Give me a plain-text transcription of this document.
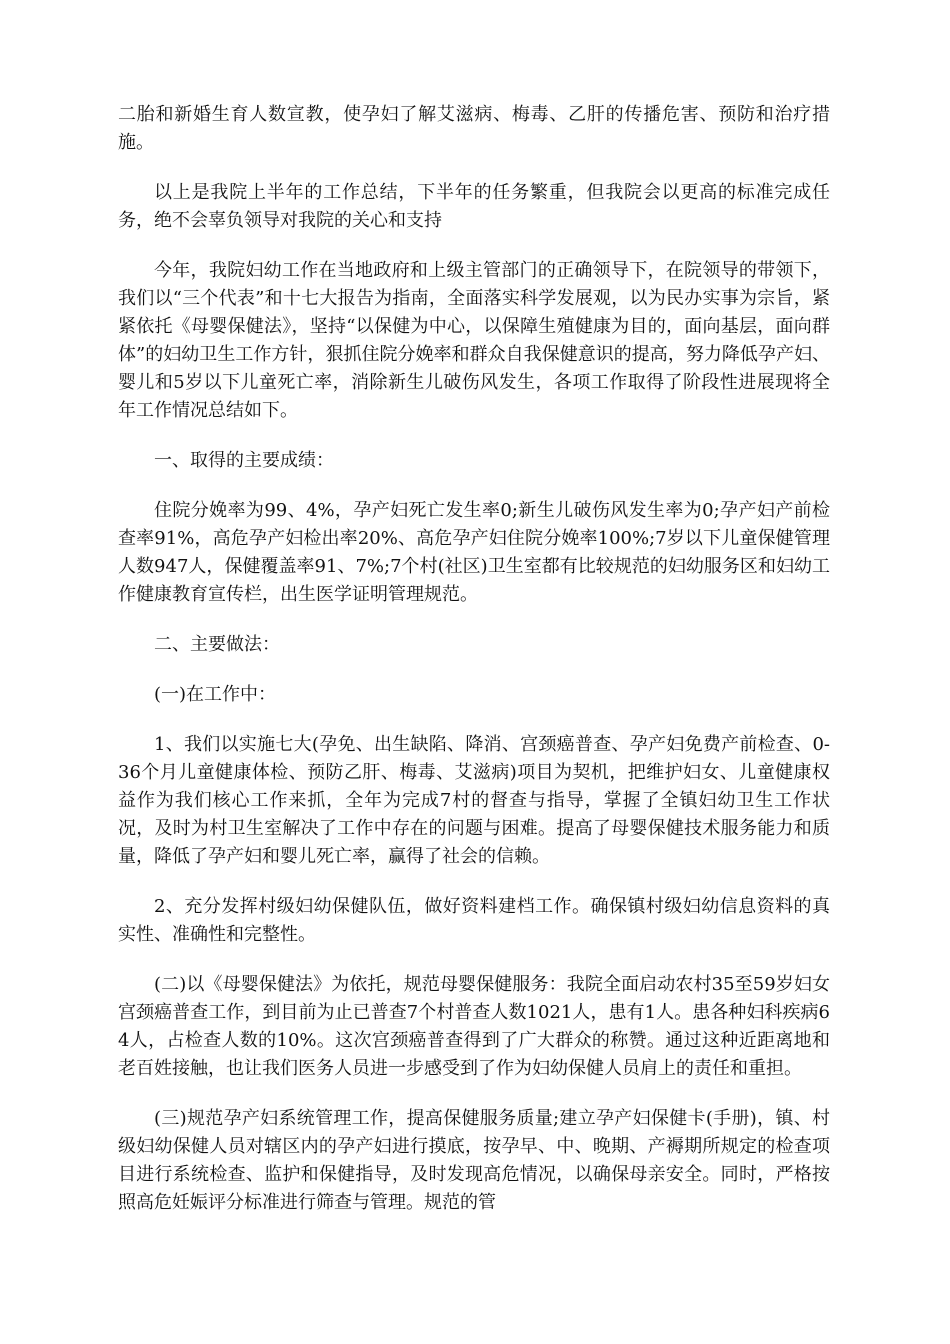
二胎和新婚生育人数宣教，使孕妇了解艾滋病、梅毒、乙肝的传播危害、预防和治疗措施。

以上是我院上半年的工作总结，下半年的任务繁重，但我院会以更高的标准完成任务，绝不会辜负领导对我院的关心和支持

今年，我院妇幼工作在当地政府和上级主管部门的正确领导下，在院领导的带领下，我们以“三个代表”和十七大报告为指南，全面落实科学发展观，以为民办实事为宗旨，紧紧依托《母婴保健法》，坚持“以保健为中心，以保障生殖健康为目的，面向基层，面向群体”的妇幼卫生工作方针，狠抓住院分娩率和群众自我保健意识的提高，努力降低孕产妇、婴儿和5岁以下儿童死亡率，消除新生儿破伤风发生，各项工作取得了阶段性进展现将全年工作情况总结如下。

一、取得的主要成绩：

住院分娩率为99、4%，孕产妇死亡发生率0;新生儿破伤风发生率为0;孕产妇产前检查率91%，高危孕产妇检出率20%、高危孕产妇住院分娩率100%;7岁以下儿童保健管理人数947人，保健覆盖率91、7%;7个村(社区)卫生室都有比较规范的妇幼服务区和妇幼工作健康教育宣传栏，出生医学证明管理规范。

二、主要做法：

(一)在工作中：

1、我们以实施七大(孕免、出生缺陷、降消、宫颈癌普查、孕产妇免费产前检查、0-36个月儿童健康体检、预防乙肝、梅毒、艾滋病)项目为契机，把维护妇女、儿童健康权益作为我们核心工作来抓，全年为完成7村的督查与指导，掌握了全镇妇幼卫生工作状况，及时为村卫生室解决了工作中存在的问题与困难。提高了母婴保健技术服务能力和质量，降低了孕产妇和婴儿死亡率，赢得了社会的信赖。

2、充分发挥村级妇幼保健队伍，做好资料建档工作。确保镇村级妇幼信息资料的真实性、准确性和完整性。

(二)以《母婴保健法》为依托，规范母婴保健服务：我院全面启动农村35至59岁妇女宫颈癌普查工作，到目前为止已普查7个村普查人数1021人，患有1人。患各种妇科疾病64人，占检查人数的10%。这次宫颈癌普查得到了广大群众的称赞。通过这种近距离地和老百姓接触，也让我们医务人员进一步感受到了作为妇幼保健人员肩上的责任和重担。

(三)规范孕产妇系统管理工作，提高保健服务质量;建立孕产妇保健卡(手册)，镇、村级妇幼保健人员对辖区内的孕产妇进行摸底，按孕早、中、晚期、产褥期所规定的检查项目进行系统检查、监护和保健指导，及时发现高危情况，以确保母亲安全。同时，严格按照高危妊娠评分标准进行筛查与管理。规范的管
